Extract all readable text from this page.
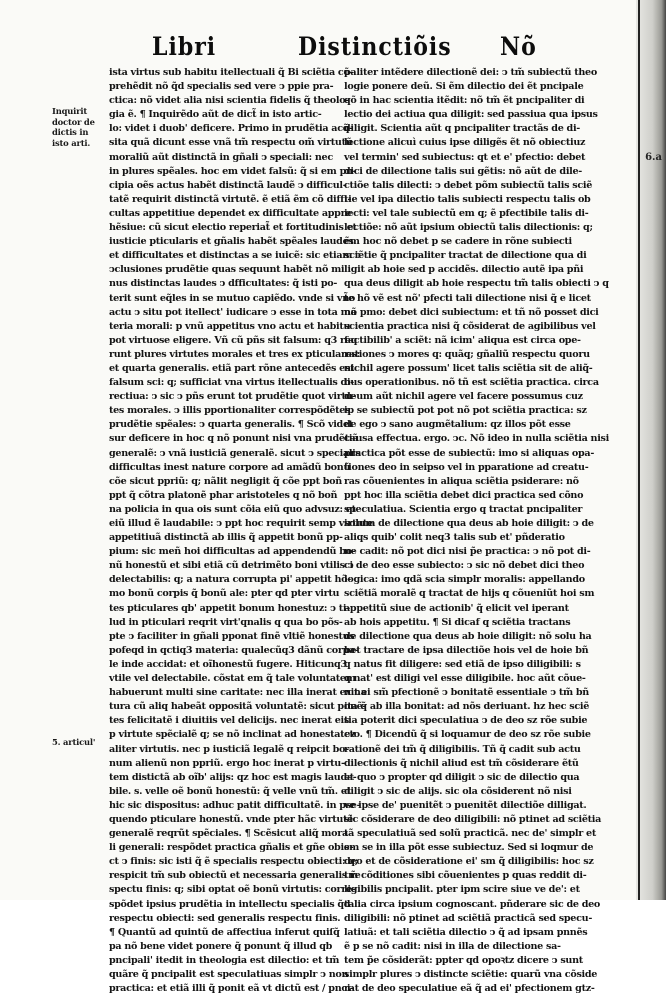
Libri	Distinctiõis Nõ
Inquirit
doctor de
dictis in
isto arti.
5. articul'
ista virtus sub habitu itellectuali q̃ Bi sciẽtia cõ-
prehẽdit nõ q̃d specialis sed vere ↄ ppie pra-
ctica: nõ videt alia nisi scientia fidelis q̃ theolo-
gia ẽ. ¶ Inquirẽdo aũt de dict̃ in isto artic-
lo: videt i duob' deficere. Primo in prudẽtia acq̃-
sita quã dicunt esse vnã tm̃ respectu om̃ virtutũ
moraliũ aũt distinctã in gñali ↄ speciali: nec
in plures spẽales. hoc em videt falsũ: q̃ si em pn-
cipia oẽs actus habẽt distinctã laudẽ ↄ difficul-
tatẽ requirit distinctã virtutẽ. ẽ etiã ẽm cõ diffi-
cultas appetitiue dependet ex difficultate appre
hẽsiue: cũ sicut electio reperiat̃ et fortitudinis et
iusticie pticularis et gñalis habẽt spẽales laudes
et difficultates et distinctas a se iuicẽ: sic etiam ↄ
ↄclusiones prudẽtie quas sequunt habẽt nõ mi
nus distinctas laudes ↄ dfficultates: q̃ isti po-
terit sunt eq̃les in se mutuo capiẽdo. vnde si vno
actu ↄ situ pot itellect' iudicare ↄ esse in tota ma
teria morali: p vnũ appetitus vno actu et habitu
pot virtuose eligere. Vñ cũ pñs sit falsum: q3 req
runt plures virtutes morales et tres ex pticulares:
et quarta generalis. etiã part rõne antecedẽs est
falsum sci: q; sufficiat vna virtus itellectualis di-
rectiua: ↄ sic ↄ pñs erunt tot prudẽtie quot virtu-
tes morales. ↄ illis pportionaliter correspõdẽtes
prudẽtie spẽales: ↄ quarta generalis. ¶ Scõ videt
sur deficere in hoc q nõ ponunt nisi vna prudẽtiã
generalẽ: ↄ vnã iusticiã generalẽ. sicut ↄ specialis
difficultas inest nature corpore ad amãdũ bonũ
cõe sicut ppriũ: q; nãlit negligit q̃ cõe ppt boñ
ppt q̃ cõtra platonẽ phar aristoteles q nõ boñ
na policia in qua ois sunt cõia eiũ quo advsuz: et
eiũ illud ẽ laudabile: ↄ ppt hoc requirit semp virtute
appetitiuã distinctã ab illis q̃ appetit bonũ pp-
pium: sic meñ hoi difficultas ad appendendũ bo-
nũ honestũ et sibi etiã cũ detrimẽto boni vtilis ↄ
delectabilis: q; a natura corrupta pi' appetit hõ-
mo bonũ corpis q̃ bonũ ale: pter qd pter virtu
tes pticulares qb' appetit bonum honestuz: ↄ ti-
lud in pticulari reqrit virt'qnalis q qua bo põs-
pte ↄ faciliter in gñali pponat finẽ vltiẽ honestus
pofeqd in qctiq3 materia: qualecũq3 dãnũ corpa-
le inde accidat: et oĩhonestũ fugere. Hiticunq3
vtile vel delectabile. cõstat em q̃ tale voluntatem
habuerunt multi sine caritate: nec illa inerat ex na
tura cũ aliq habeãt oppositã voluntatẽ: sicut ponẽ-
tes felicitatẽ i diuitiis vel delicijs. nec inerat eis
p virtute spẽcialẽ q; se nõ inclinat ad honestatez
aliter virtutis. nec p iusticiã legalẽ q reipcit bo-
num alienũ non ppriũ. ergo hoc inerat p virtu-
tem distictã ab oĩb' alijs: qz hoc est magis lauda-
bile. s. velle oẽ bonũ honestũ: q̃ velle vnũ tm̃. et
hic sic dispositus: adhuc patit difficultatẽ. in pse-
quendo pticulare honestũ. vnde pter hãc virtutẽ
generalẽ reqrũt spẽciales. ¶ Scẽsicut aliq̃ mora
li generali: respõdet practica gñalis et gñe obie-
ct ↄ finis: sic isti q̃ ẽ specialis respectu obiecti: q;
respicit tm̃ sub obiectũ et necessaria generalis re
spectu finis: q; sibi optat oẽ bonũ virtutis: corre-
spõdet ipsius prudẽtia in intellectu specialis q̃d
respectu obiecti: sed generalis respectu finis.
¶ Quantũ ad quintũ de affectiua inferut quiſq̃
pa nõ bene videt ponere q̃ ponunt q̃ illud qb
pncipali' itedit in theologia est dilectio: et tm̃
quãre q̃ pncipalit est speculatiuas simplr ↄ non
practica: et etiã illi q̃ ponit eã vt dictũ est / pnci-
paliter intẽdere dilectionẽ dei: ↄ tm̃ subiectũ theo
logie ponere deũ. Si ẽm dilectio dei ẽt pncipale
qõ in hac scientia itẽdit: nõ tm̃ ẽt pncipaliter di
lectio dei actiua qua diligit: sed passiua qua ipsus
diligit. Scientia aũt q pncipaliter tractãs de di-
lectione alicuì cuius ipse diligẽs ẽt nõ obiectiuz
vel termin' sed subiectus: qt et e' pfectio: debet
dici de dilectione talis sui gẽtis: nõ aũt de dile-
ctiõe talis dilecti: ↄ debet põm subiectũ talis sciẽ
tie vel ipa dilectio talis subiecti respectu talis ob
iecti: vel tale subiectũ em q; ẽ pfectibile talis di-
lectiõe: nõ aũt ipsium obiectũ talis dilectionis: q;
ẽm hoc nõ debet p se cadere in rõne subiecti
sciẽtie q̃ pncipaliter tractat de dilectione qua di
ligit ab hoie sed p accidẽs. dilectio autẽ ipa pñi
qua deus diligit ab hoie respectu tm̃ talis obiecti ↄ q
t̃e hõ vẽ est nõ' pfecti tali dilectione nisi q̃ e licet
nõ pmo: debet dici subiectum: et tñ nõ posset dici
scientia practica nisi q̃ cõsiderat de agibilibus vel
factibilib' a sciẽt: nã icim' aliqua est circa ope-
rationes ↄ mores q: quãq; gñaliũ respectu quoru
nichil agere possum' licet talis sciẽtia sit de aliq̃-
bus operationibus. nõ tñ est sciẽtia practica. circa
deum aũt nichil agere vel facere possumus cuz
ip se subiectũ pot pot nõ pot sciẽtia practica: sz
de ego ↄ sano augmẽtalium: qz illos põt esse
causa effectua. ergo. ↄc. Nõ ideo in nulla sciẽtia nisi
practica põt esse de subiectũ: imo si aliquas opa-
tiones deo in seipso vel in pparatione ad creatu-
ras cõuenientes in aliqua sciẽtia psiderare: nõ
ppt hoc illa sciẽtia debet dici practica sed cõno
speculatiua. Scientia ergo q tractat pncipaliter
solum de dilectione qua deus ab hoie diligit: ↄ de
aliqs quib' colit neq3 talis sub et' pñderatio
ne cadit: nõ pot dici nisi p̃e practica: ↄ nõ pot di-
ci de deo esse subiecto: ↄ sic nõ debet dici theo
logica: imo qdã scia simplr moralis: appellando
sciẽtiã moralẽ q tractat de hijs q cõueniũt hoi sm
appetitũ siue de actionib' q̃ elicit vel iperant
ab hois appetitu. ¶ Si dicaf q sciẽtia tractans
de dilectione qua deus ab hoie diligit: nõ solu ha
bet tractare de ipsa dilectiõe hois vel de hoie bñ
q natus fit diligere: sed etiã de ipso diligibili: s
q nat' est diligi vel esse diligibile. hoc aũt cõue-
nit ei sm̃ pfectionẽ ↄ bonitatẽ essentiale ↄ tm̃ bñ
ita q̃ ab illa bonitat: ad nõs deriuant. hz hec sciẽ
tia poterit dici speculatiua ↄ de deo sz rõe subie
cto. ¶ Dicendũ q̃ si loquamur de deo sz rõe subie
rationẽ dei tm̃ q̃ diligibilis. Tñ q̃ cadit sub actu
dilectionis q̃ nichil aliud est tm̃ cõsiderare ẽtũ
et quo ↄ propter qd diligit ↄ sic de dilectio qua
diligit ↄ sic de alijs. sic ola cõsiderent nõ nisi
ve ipse de' puenitẽt ↄ puenitẽt dilectiõe dilligat.
sic cõsiderare de deo diligibili: nõ ptinet ad sciẽtia
tã speculatiuã sed solũ practicã. nec de' simplr et
sm se in illa põt esse subiectuz. Sed si loqmur de
deo et de cõsideratione ei' sm q̃ diligibilis: hoc sz
tm̃ cõditiones sibi cõuenientes p quas reddit di-
ligibilis pncipalit. pter ipm scire siue ve de': et
talia circa ipsium cognoscant. pñderare sic de deo
diligibili: nõ ptinet ad sciẽtiã practicã sed specu-
latiuã: et tali sciẽtia dilectio ↄ q̃ ad ipsam pnnẽs
ẽ p se nõ cadit: nisi in illa de dilectione sa-
tem p̃e cõsiderãt: ppter qd opoꝛtz dicere ↄ sunt
simplr plures ↄ distincte sciẽtie: quarũ vna cõside
rat de deo speculatiue eã q̃ ad ei' pfectionem gtz-
6.a
